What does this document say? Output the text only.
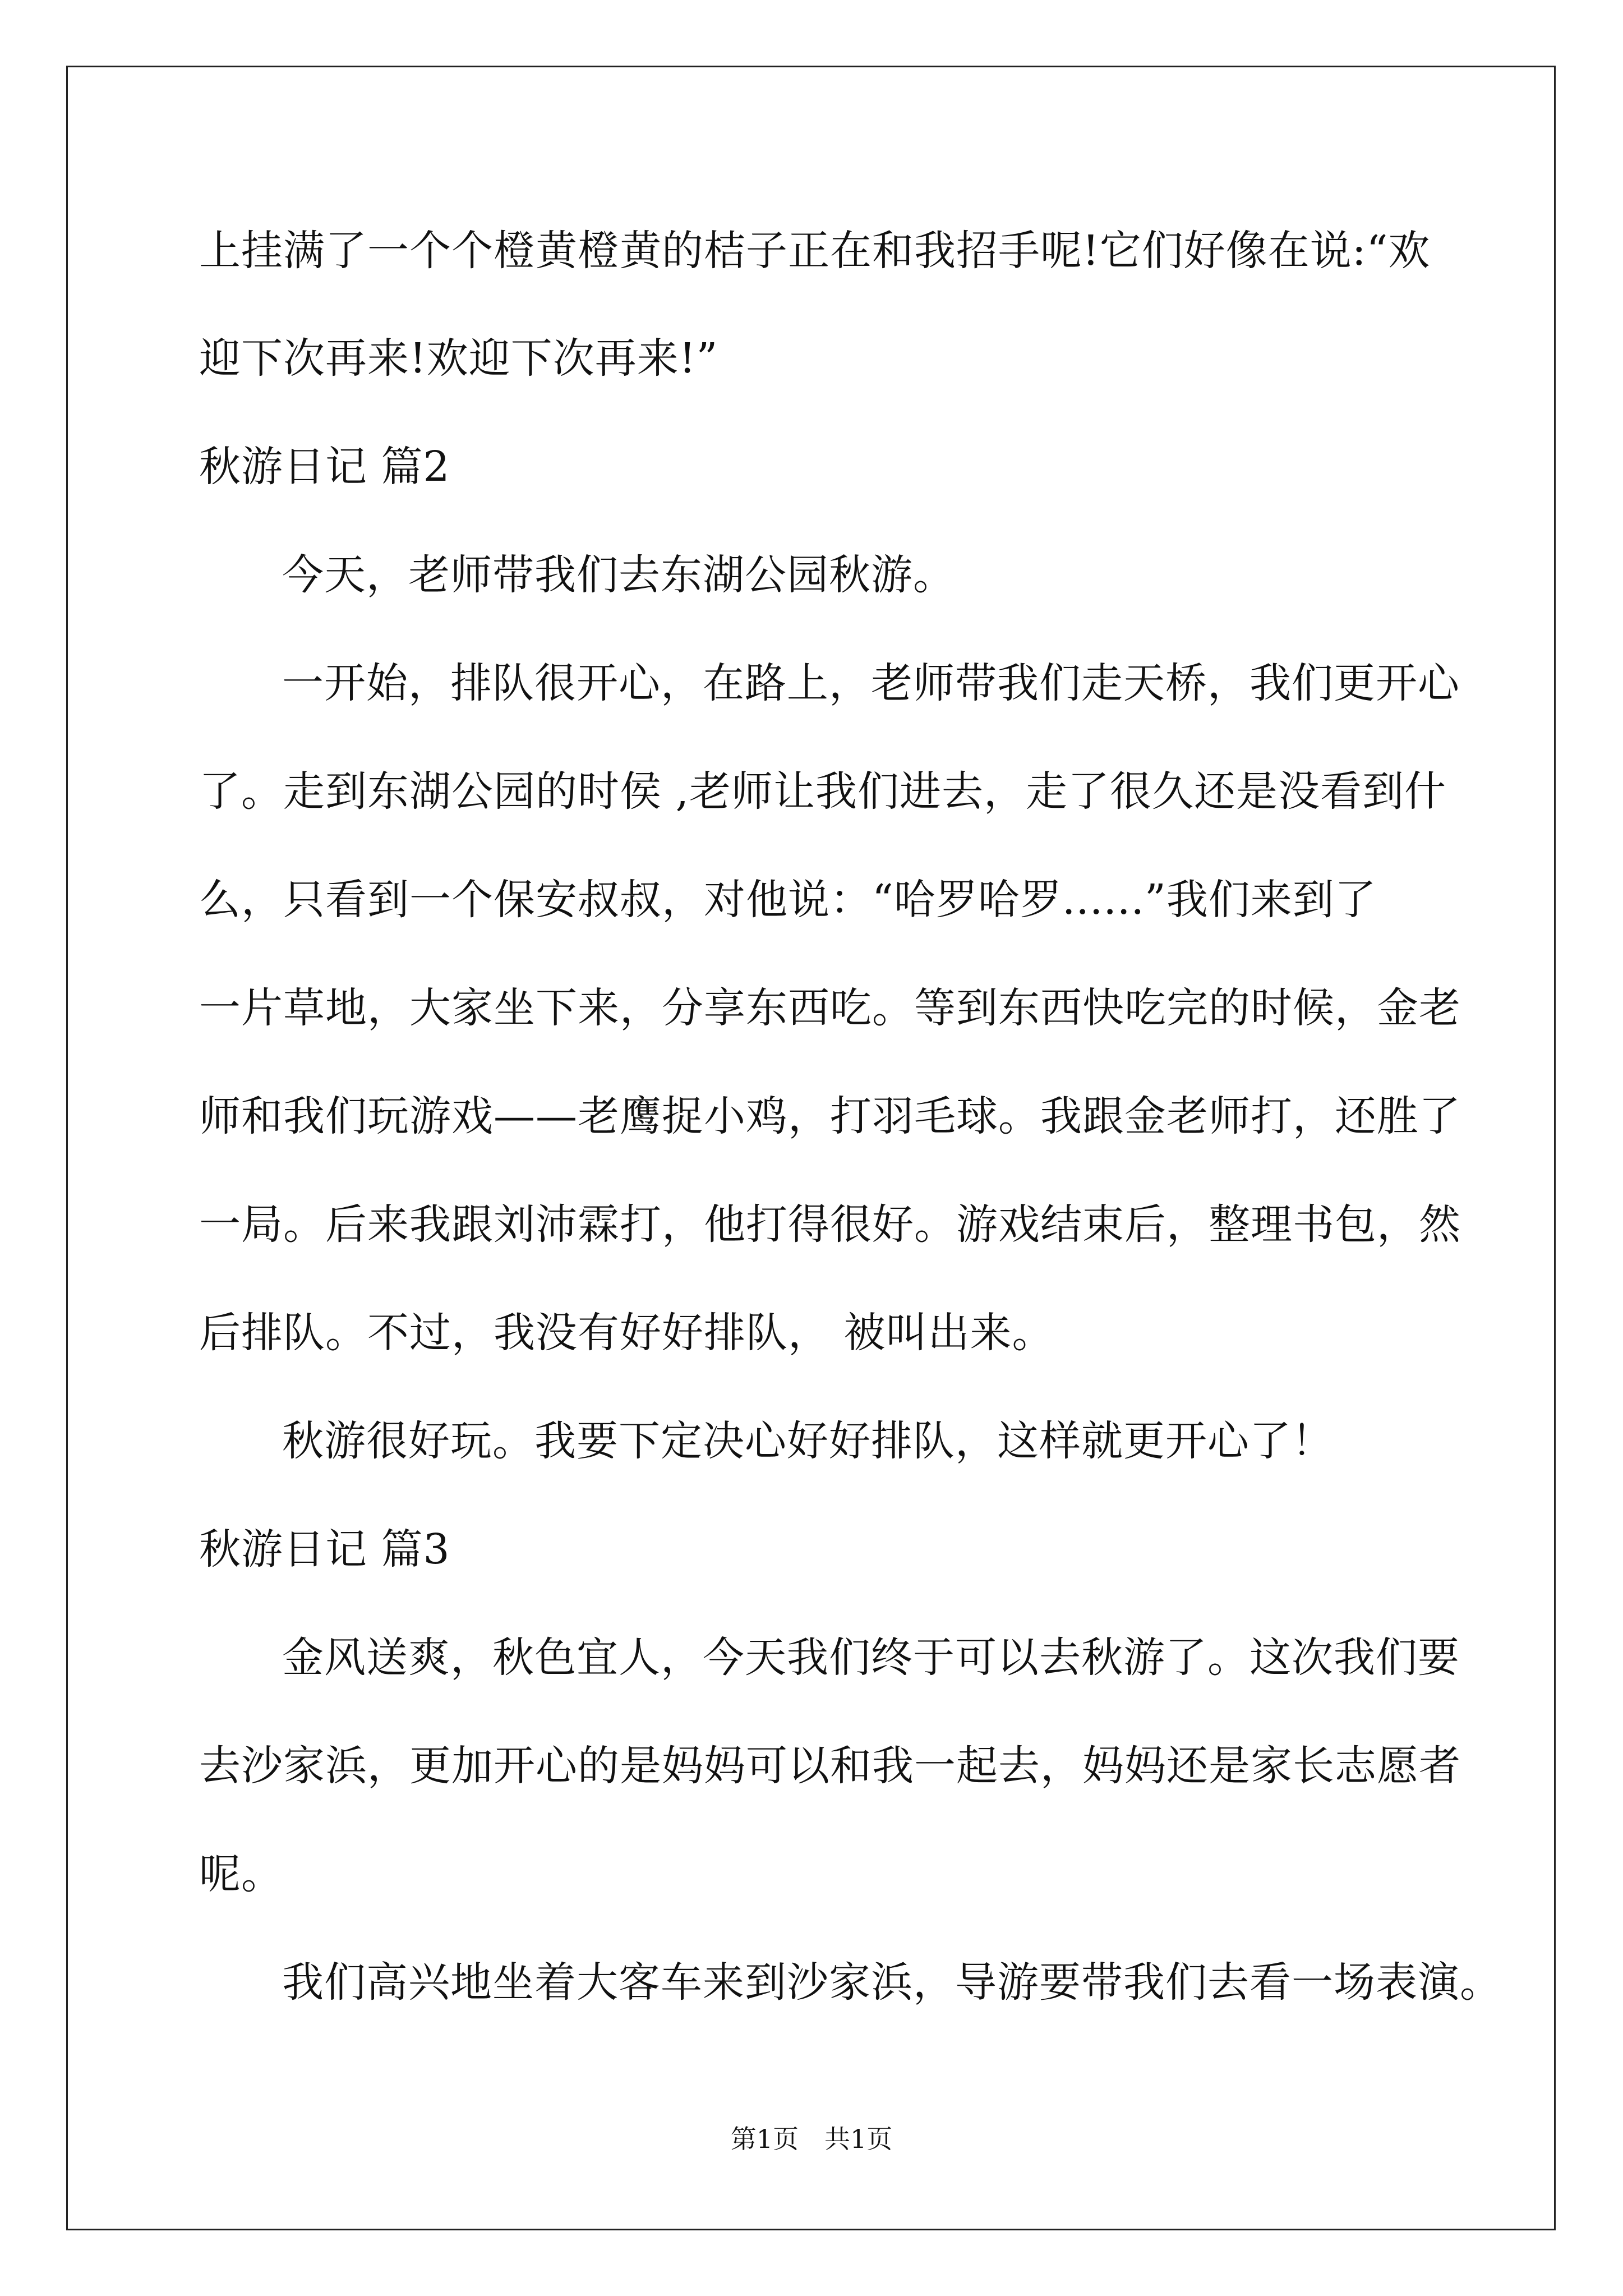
上挂满了一个个橙黄橙黄的桔子正在和我招手呢!它们好像在说:“欢
迎下次再来!欢迎下次再来!”
秋游日记 篇2
今天，老师带我们去东湖公园秋游。
一开始，排队很开心，在路上，老师带我们走天桥，我们更开心
了。走到东湖公园的时侯 ,老师让我们进去，走了很久还是没看到什
么，只看到一个保安叔叔，对他说：“哈罗哈罗......”我们来到了
一片草地，大家坐下来，分享东西吃。等到东西快吃完的时候，金老
师和我们玩游戏——老鹰捉小鸡，打羽毛球。我跟金老师打，还胜了
一局。后来我跟刘沛霖打，他打得很好。游戏结束后，整理书包，然
后排队。不过，我没有好好排队， 被叫出来。
秋游很好玩。我要下定决心好好排队，这样就更开心了！
秋游日记 篇3
金风送爽，秋色宜人，今天我们终于可以去秋游了。这次我们要
去沙家浜，更加开心的是妈妈可以和我一起去，妈妈还是家长志愿者
呢。
我们高兴地坐着大客车来到沙家浜，导游要带我们去看一场表演。
第1页　共1页
